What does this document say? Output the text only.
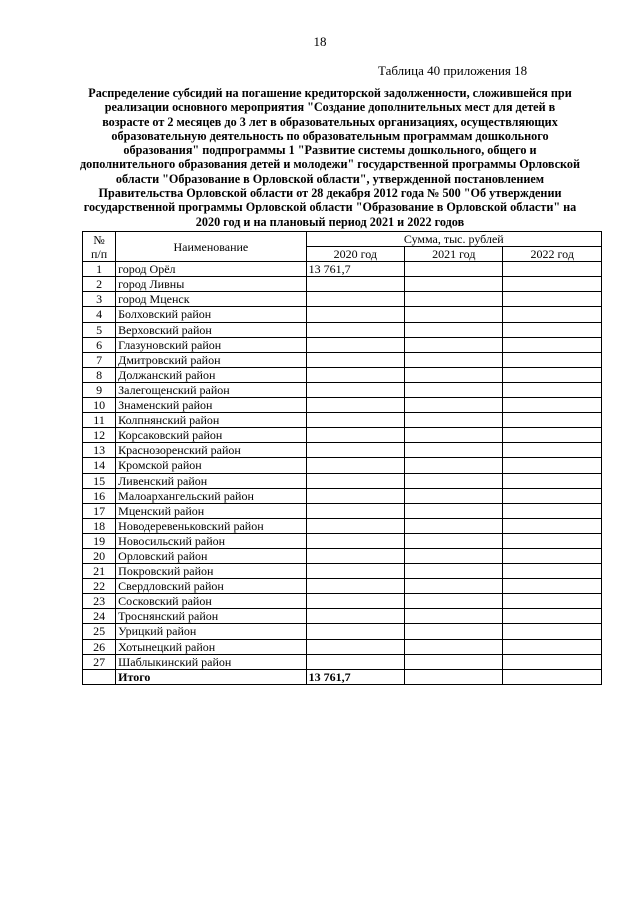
18
Таблица 40 приложения 18
Распределение субсидий на погашение кредиторской задолженности, сложившейся при реализации основного мероприятия "Создание дополнительных мест для детей в возрасте от 2 месяцев до 3 лет в образовательных организациях, осуществляющих образовательную деятельность по образовательным программам дошкольного образования" подпрограммы 1 "Развитие системы дошкольного, общего и дополнительного образования детей и молодежи" государственной программы Орловской области "Образование в Орловской области", утвержденной постановлением Правительства Орловской области от 28 декабря 2012 года № 500 "Об утверждении государственной программы Орловской области "Образование в Орловской области" на 2020 год и на плановый период 2021 и 2022 годов
№
п/п	Наименование	Сумма, тыс. рублей		
		2020 год	2021 год	2022 год
1	город Орёл	13 761,7		
2	город Ливны			
3	город Мценск			
4	Болховский район			
5	Верховский район			
6	Глазуновский район			
7	Дмитровский район			
8	Должанский район			
9	Залегощенский район			
10	Знаменский район			
11	Колпнянский район			
12	Корсаковский район			
13	Краснозоренский район			
14	Кромской район			
15	Ливенский район			
16	Малоархангельский район			
17	Мценский район			
18	Новодеревеньковский район			
19	Новосильский район			
20	Орловский район			
21	Покровский район			
22	Свердловский район			
23	Сосковский район			
24	Троснянский район			
25	Урицкий район			
26	Хотынецкий район			
27	Шаблыкинский район			
	Итого	13 761,7		
